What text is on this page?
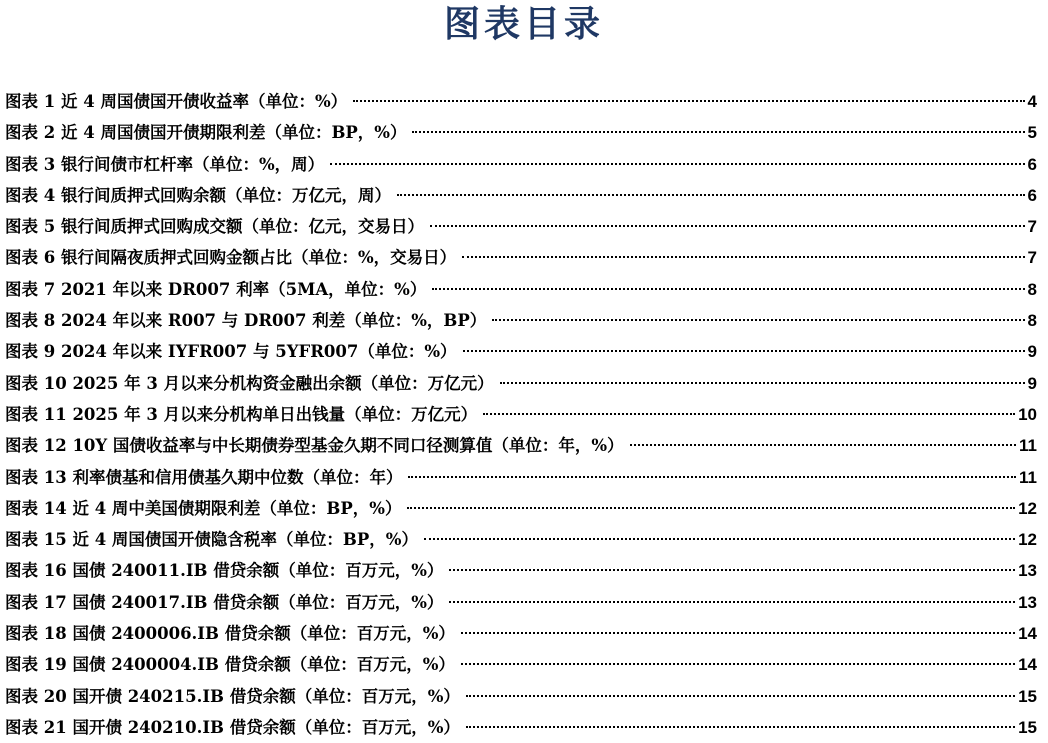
图表目录
图表 1 近 4 周国债国开债收益率（单位：%）	4
图表 2 近 4 周国债国开债期限利差（单位：BP，%）	5
图表 3 银行间债市杠杆率（单位：%，周）	6
图表 4 银行间质押式回购余额（单位：万亿元，周）	6
图表 5 银行间质押式回购成交额（单位：亿元，交易日）	7
图表 6 银行间隔夜质押式回购金额占比（单位：%，交易日）	7
图表 7 2021 年以来 DR007 利率（5MA，单位：%）	8
图表 8 2024 年以来 R007 与 DR007 利差（单位：%，BP）	8
图表 9 2024 年以来 IYFR007 与 5YFR007（单位：%）	9
图表 10 2025 年 3 月以来分机构资金融出余额（单位：万亿元）	9
图表 11 2025 年 3 月以来分机构单日出钱量（单位：万亿元）	10
图表 12 10Y 国债收益率与中长期债券型基金久期不同口径测算值（单位：年，%）	11
图表 13 利率债基和信用债基久期中位数（单位：年）	11
图表 14 近 4 周中美国债期限利差（单位：BP，%）	12
图表 15 近 4 周国债国开债隐含税率（单位：BP，%）	12
图表 16 国债 240011.IB 借贷余额（单位：百万元，%）	13
图表 17 国债 240017.IB 借贷余额（单位：百万元，%）	13
图表 18 国债 2400006.IB 借贷余额（单位：百万元，%）	14
图表 19 国债 2400004.IB 借贷余额（单位：百万元，%）	14
图表 20 国开债 240215.IB 借贷余额（单位：百万元，%）	15
图表 21 国开债 240210.IB 借贷余额（单位：百万元，%）	15
